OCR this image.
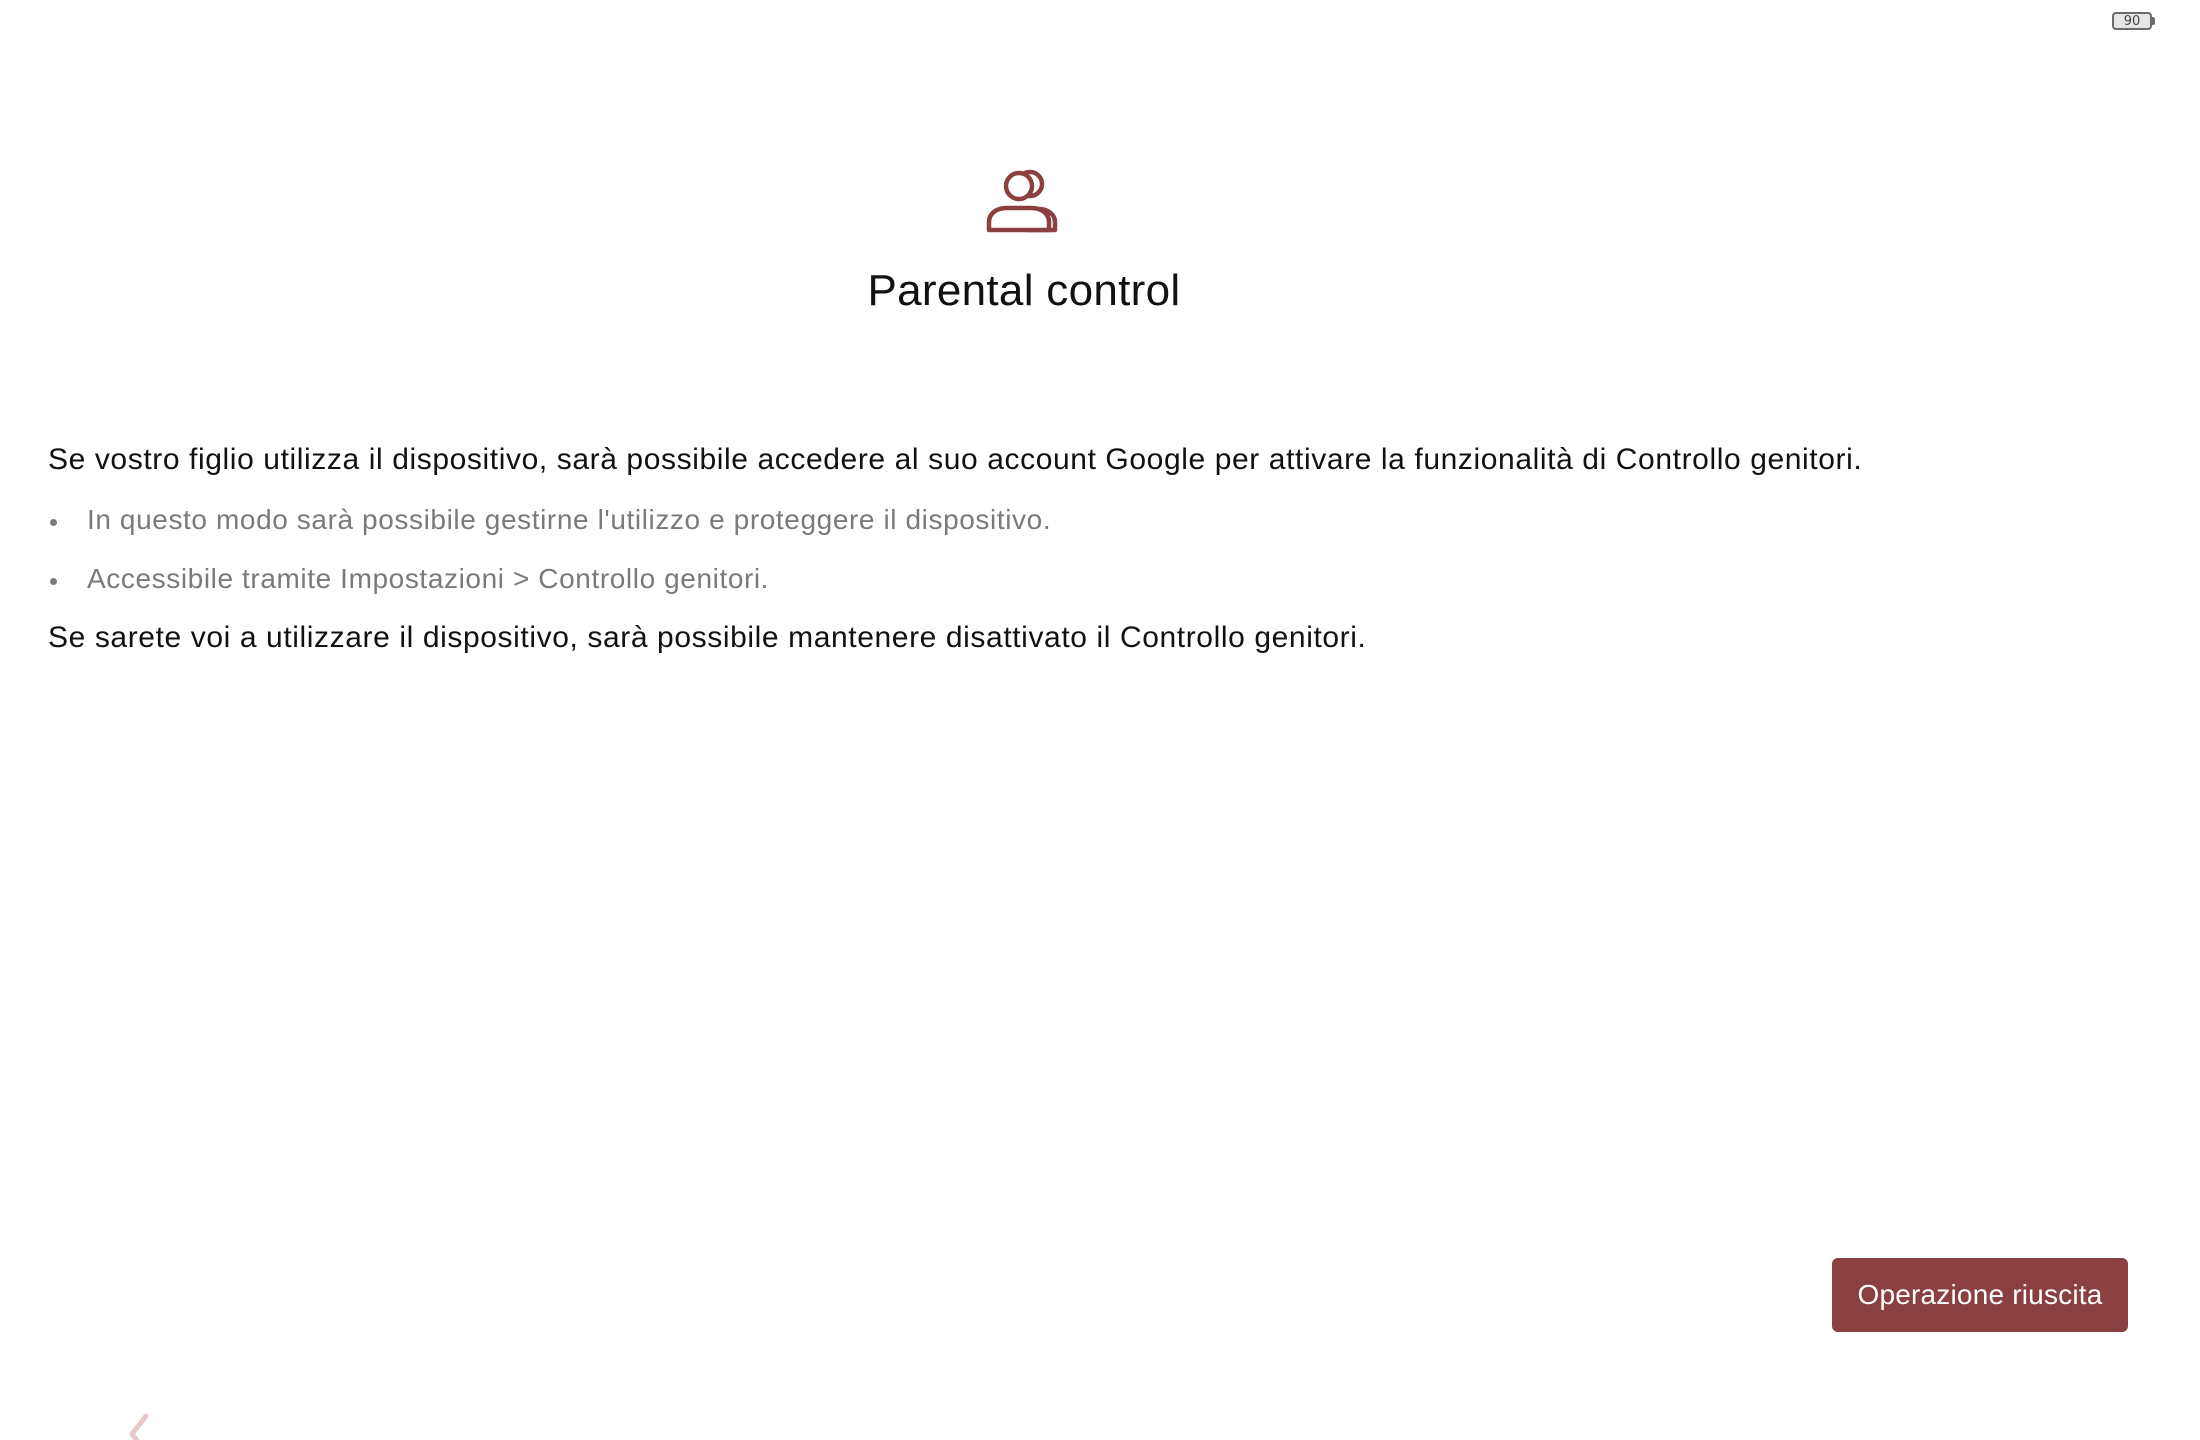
90
Parental control

Se vostro figlio utilizza il dispositivo, sarà possibile accedere al suo account Google per attivare la funzionalità di Controllo genitori.

In questo modo sarà possibile gestirne l'utilizzo e proteggere il dispositivo.
Accessibile tramite Impostazioni > Controllo genitori.

Se sarete voi a utilizzare il dispositivo, sarà possibile mantenere disattivato il Controllo genitori.

Operazione riuscita
